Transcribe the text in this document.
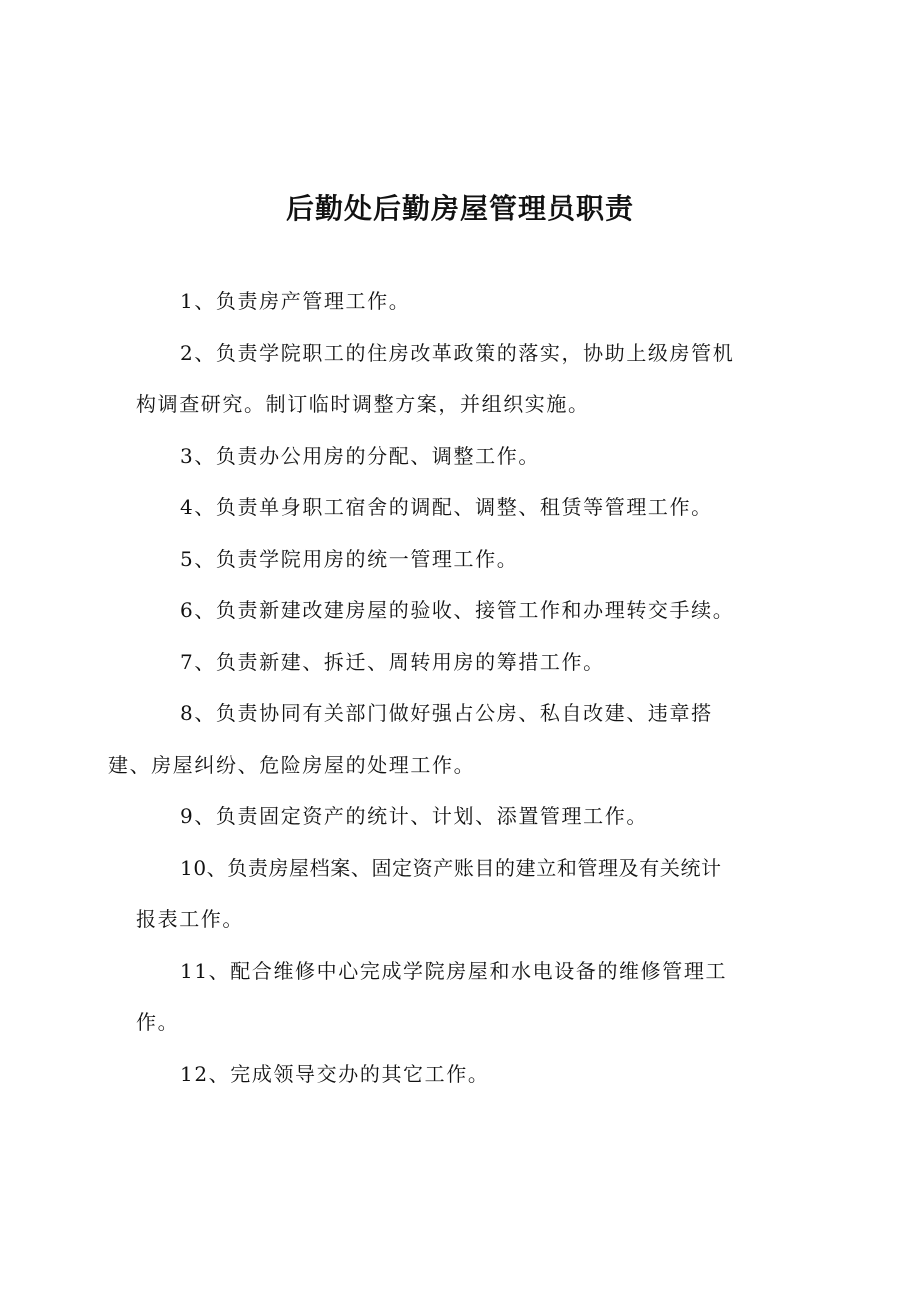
后勤处后勤房屋管理员职责

1、负责房产管理工作。

2、负责学院职工的住房改革政策的落实，协助上级房管机

构调查研究。制订临时调整方案，并组织实施。

3、负责办公用房的分配、调整工作。

4、负责单身职工宿舍的调配、调整、租赁等管理工作。

5、负责学院用房的统一管理工作。

6、负责新建改建房屋的验收、接管工作和办理转交手续。

7、负责新建、拆迁、周转用房的筹措工作。

8、负责协同有关部门做好强占公房、私自改建、违章搭

建、房屋纠纷、危险房屋的处理工作。

9、负责固定资产的统计、计划、添置管理工作。

10、负责房屋档案、固定资产账目的建立和管理及有关统计

报表工作。

11、配合维修中心完成学院房屋和水电设备的维修管理工

作。

12、完成领导交办的其它工作。
